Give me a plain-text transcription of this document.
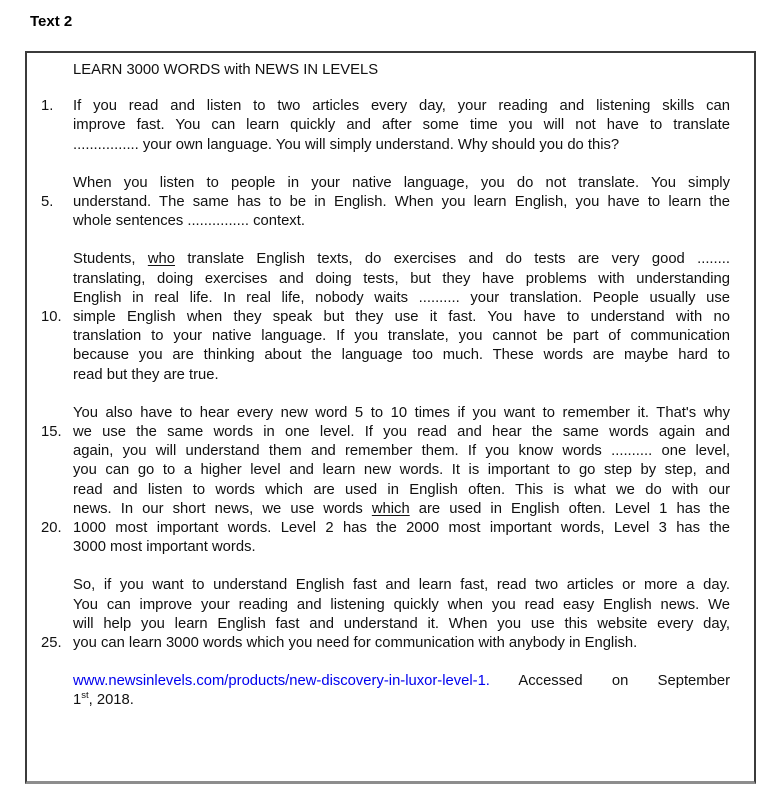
Text 2
LEARN 3000 WORDS with NEWS IN LEVELS
1. If you read and listen to two articles every day, your reading and listening skills can
improve fast. You can learn quickly and after some time you will not have to translate
................ your own language. You will simply understand. Why should you do this?
When you listen to people in your native language, you do not translate. You simply
5. understand. The same has to be in English. When you learn English, you have to learn the
whole sentences ............... context.
Students, who translate English texts, do exercises and do tests are very good ........
translating, doing exercises and doing tests, but they have problems with understanding
English in real life. In real life, nobody waits .......... your translation. People usually use
10. simple English when they speak but they use it fast. You have to understand with no
translation to your native language. If you translate, you cannot be part of communication
because you are thinking about the language too much. These words are maybe hard to
read but they are true.
You also have to hear every new word 5 to 10 times if you want to remember it. That's why
15. we use the same words in one level. If you read and hear the same words again and
again, you will understand them and remember them. If you know words .......... one level,
you can go to a higher level and learn new words. It is important to go step by step, and
read and listen to words which are used in English often. This is what we do with our
news. In our short news, we use words which are used in English often. Level 1 has the
20. 1000 most important words. Level 2 has the 2000 most important words, Level 3 has the
3000 most important words.
So, if you want to understand English fast and learn fast, read two articles or more a day.
You can improve your reading and listening quickly when you read easy English news. We
will help you learn English fast and understand it. When you use this website every day,
25. you can learn 3000 words which you need for communication with anybody in English.
www.newsinlevels.com/products/new-discovery-in-luxor-level-1. Accessed on September
1st, 2018.
